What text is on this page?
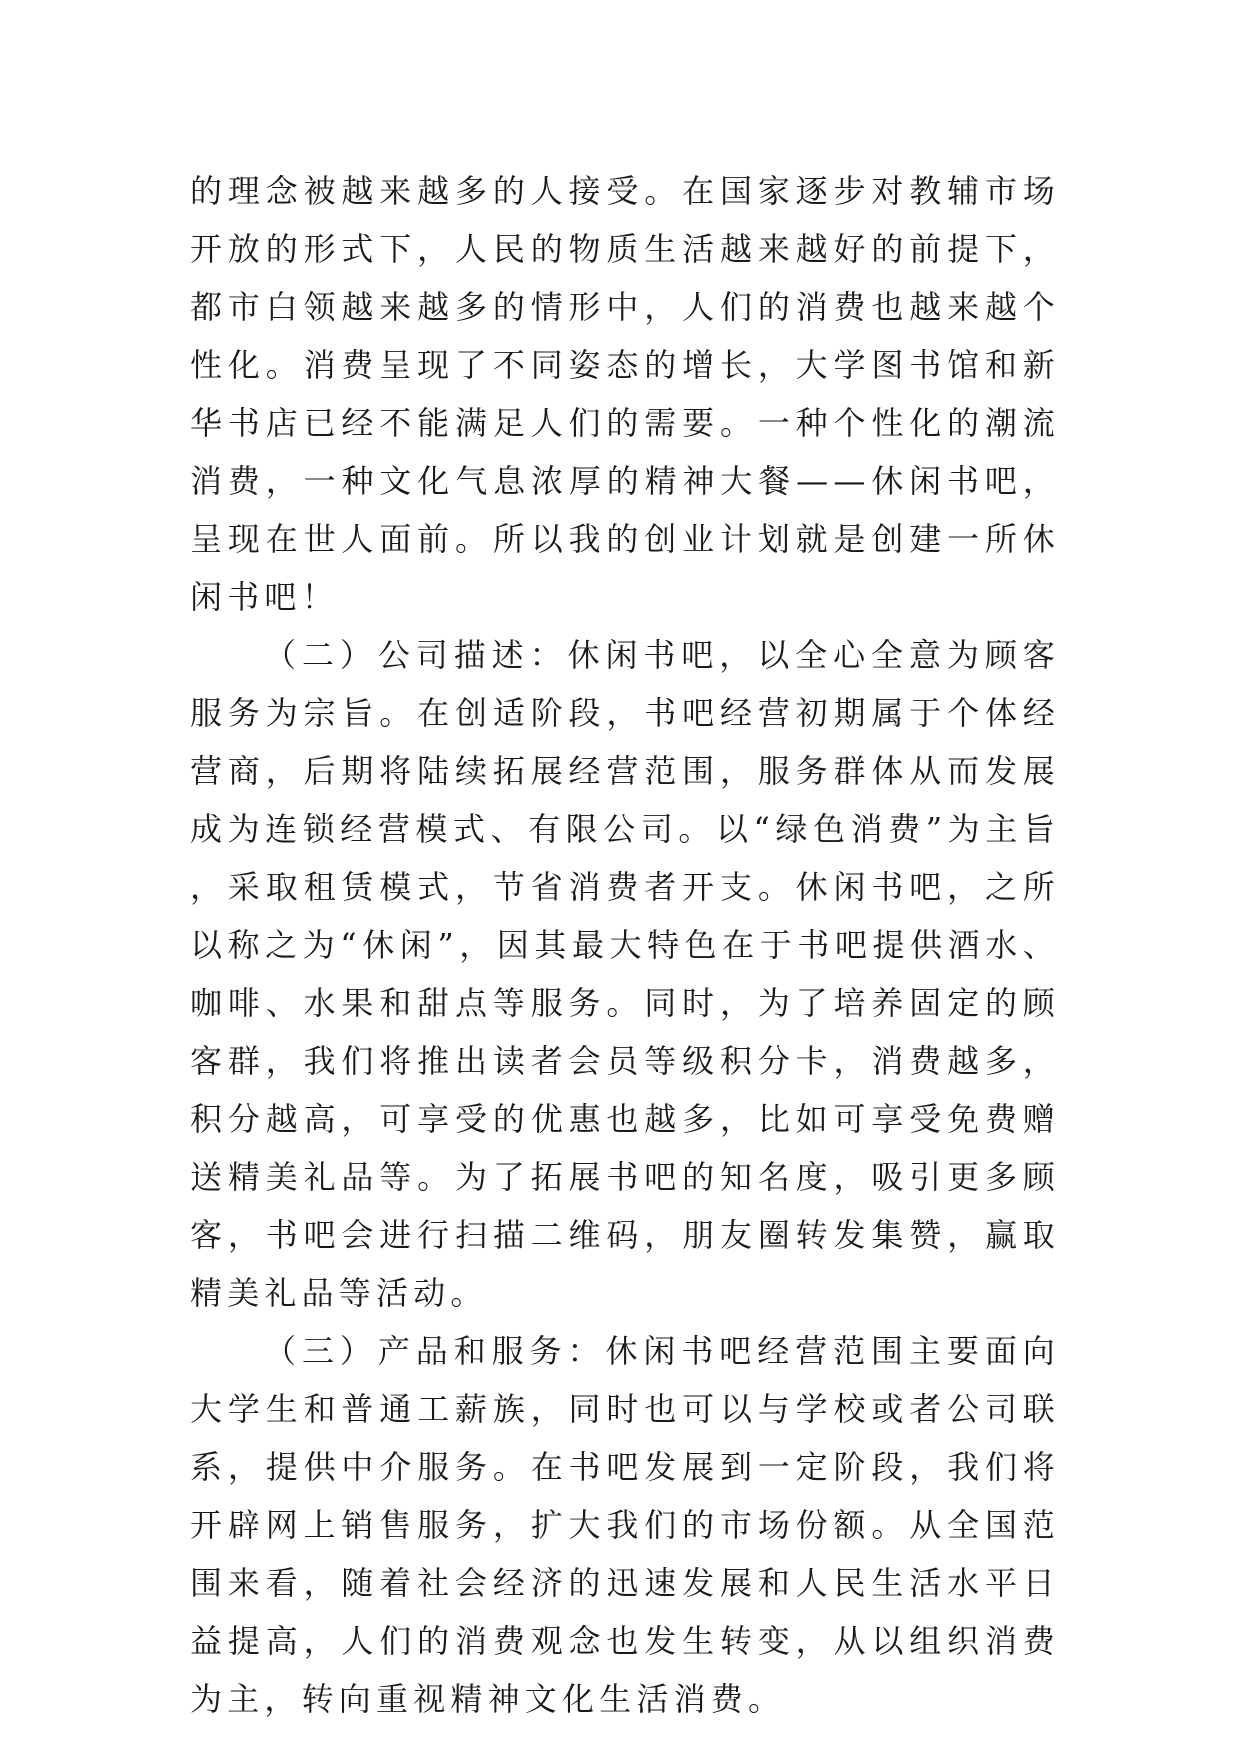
的理念被越来越多的人接受。在国家逐步对教辅市场开放的形式下，人民的物质生活越来越好的前提下，都市白领越来越多的情形中，人们的消费也越来越个性化。消费呈现了不同姿态的增长，大学图书馆和新华书店已经不能满足人们的需要。一种个性化的潮流消费，一种文化气息浓厚的精神大餐——休闲书吧，呈现在世人面前。所以我的创业计划就是创建一所休闲书吧！

（二）公司描述：休闲书吧，以全心全意为顾客服务为宗旨。在创适阶段，书吧经营初期属于个体经营商，后期将陆续拓展经营范围，服务群体从而发展成为连锁经营模式、有限公司。以“绿色消费”为主旨，采取租赁模式，节省消费者开支。休闲书吧，之所以称之为“休闲”，因其最大特色在于书吧提供酒水、咖啡、水果和甜点等服务。同时，为了培养固定的顾客群，我们将推出读者会员等级积分卡，消费越多，积分越高，可享受的优惠也越多，比如可享受免费赠送精美礼品等。为了拓展书吧的知名度，吸引更多顾客，书吧会进行扫描二维码，朋友圈转发集赞，赢取精美礼品等活动。

（三）产品和服务：休闲书吧经营范围主要面向大学生和普通工薪族，同时也可以与学校或者公司联系，提供中介服务。在书吧发展到一定阶段，我们将开辟网上销售服务，扩大我们的市场份额。从全国范围来看，随着社会经济的迅速发展和人民生活水平日益提高，人们的消费观念也发生转变，从以组织消费为主，转向重视精神文化生活消费。
